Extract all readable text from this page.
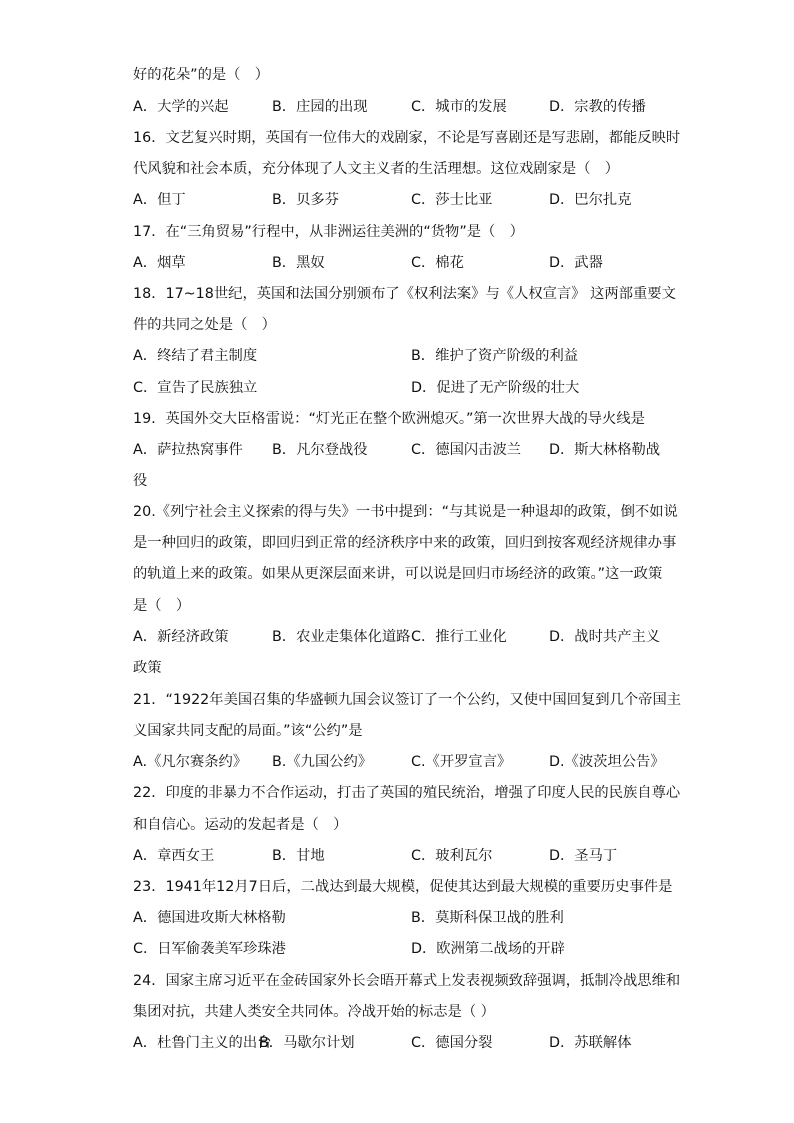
好的花朵”的是（　）
A．大学的兴起	B．庄园的出现	C．城市的发展	D．宗教的传播
16．文艺复兴时期，英国有一位伟大的戏剧家，不论是写喜剧还是写悲剧，都能反映时
代风貌和社会本质，充分体现了人文主义者的生活理想。这位戏剧家是（　）
A．但丁	B．贝多芬	C．莎士比亚	D．巴尔扎克
17．在“三角贸易”行程中，从非洲运往美洲的“货物”是（　）
A．烟草	B．黑奴	C．棉花	D．武器
18．17~18世纪，英国和法国分别颁布了《权利法案》与《人权宣言》 这两部重要文
件的共同之处是（　）
A．终结了君主制度	B．维护了资产阶级的利益
C．宣告了民族独立	D．促进了无产阶级的壮大
19．英国外交大臣格雷说：“灯光正在整个欧洲熄灭。”第一次世界大战的导火线是
A．萨拉热窝事件 B．凡尔登战役	C．德国闪击波兰 D．斯大林格勒战
役
20.《列宁社会主义探索的得与失》一书中提到：“与其说是一种退却的政策，倒不如说
是一种回归的政策，即回归到正常的经济秩序中来的政策，回归到按客观经济规律办事
的轨道上来的政策。如果从更深层面来讲，可以说是回归市场经济的政策。”这一政策
是（　）
A．新经济政策	B．农业走集体化道路 C．推行工业化	D．战时共产主义
政策
21．“1922年美国召集的华盛顿九国会议签订了一个公约，又使中国回复到几个帝国主
义国家共同支配的局面。”该“公约”是
A.《凡尔赛条约》 B.《九国公约》	C.《开罗宣言》	D.《波茨坦公告》
22．印度的非暴力不合作运动，打击了英国的殖民统治，增强了印度人民的民族自尊心
和自信心。运动的发起者是（　）
A．章西女王	B．甘地	C．玻利瓦尔	D．圣马丁
23．1941年12月7日后，二战达到最大规模，促使其达到最大规模的重要历史事件是
A．德国进攻斯大林格勒	B．莫斯科保卫战的胜利
C．日军偷袭美军珍珠港	D．欧洲第二战场的开辟
24．国家主席习近平在金砖国家外长会晤开幕式上发表视频致辞强调，抵制冷战思维和
集团对抗，共建人类安全共同体。冷战开始的标志是（ ）
A．杜鲁门主义的出台
B．马歇尔计划	C．德国分裂	D．苏联解体
